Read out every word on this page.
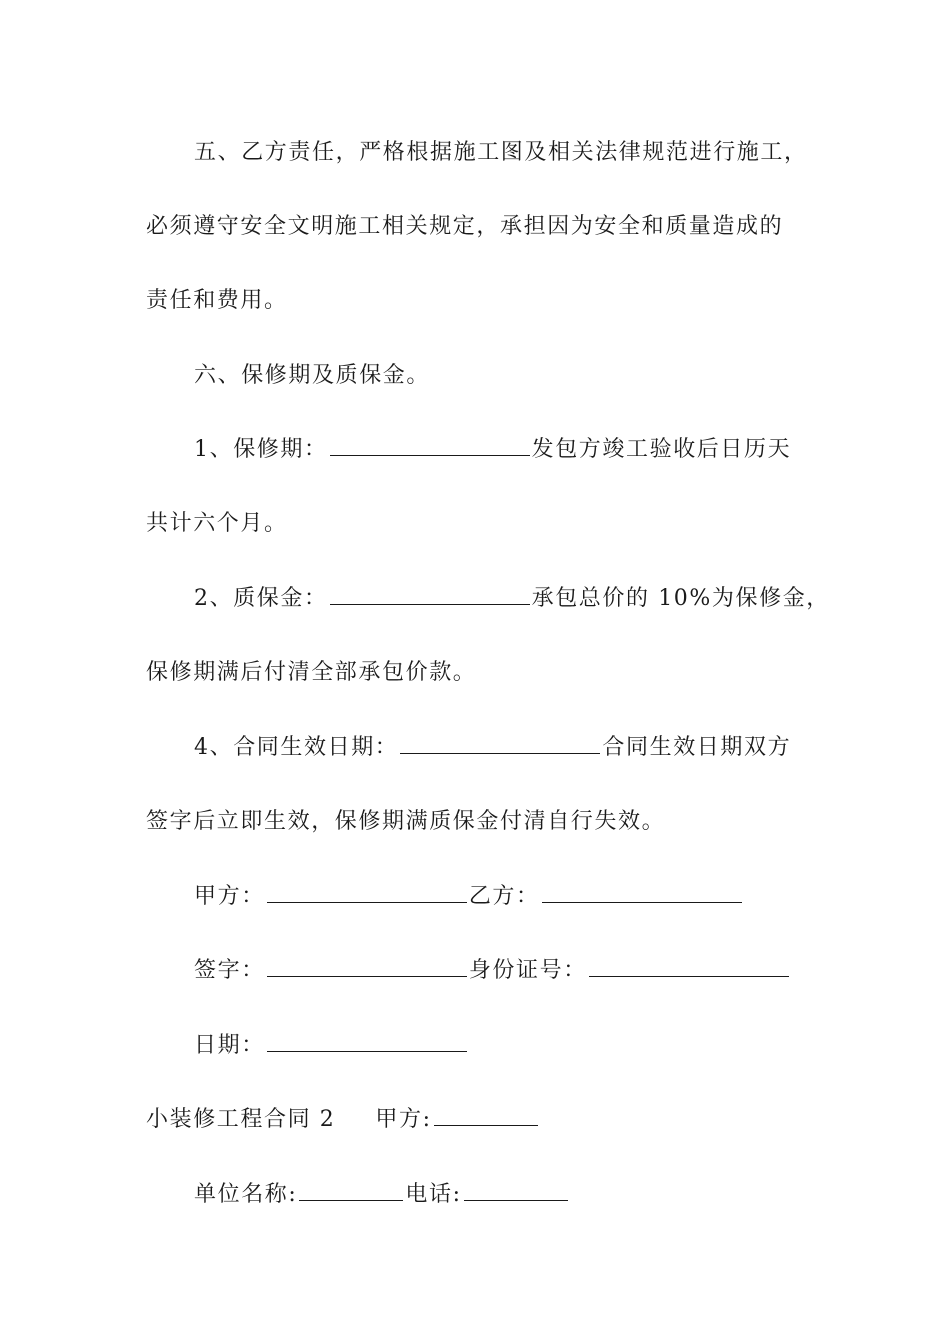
五、乙方责任，严格根据施工图及相关法律规范进行施工，
必须遵守安全文明施工相关规定，承担因为安全和质量造成的
责任和费用。
六、保修期及质保金。
1、保修期：	发包方竣工验收后日历天
共计六个月。
2、质保金：	承包总价的 10%为保修金，
保修期满后付清全部承包价款。
4、合同生效日期：	合同生效日期双方
签字后立即生效，保修期满质保金付清自行失效。
甲方：	乙方：
签字：	身份证号：
日期：
小装修工程合同 2 甲方:
单位名称:	电话:
